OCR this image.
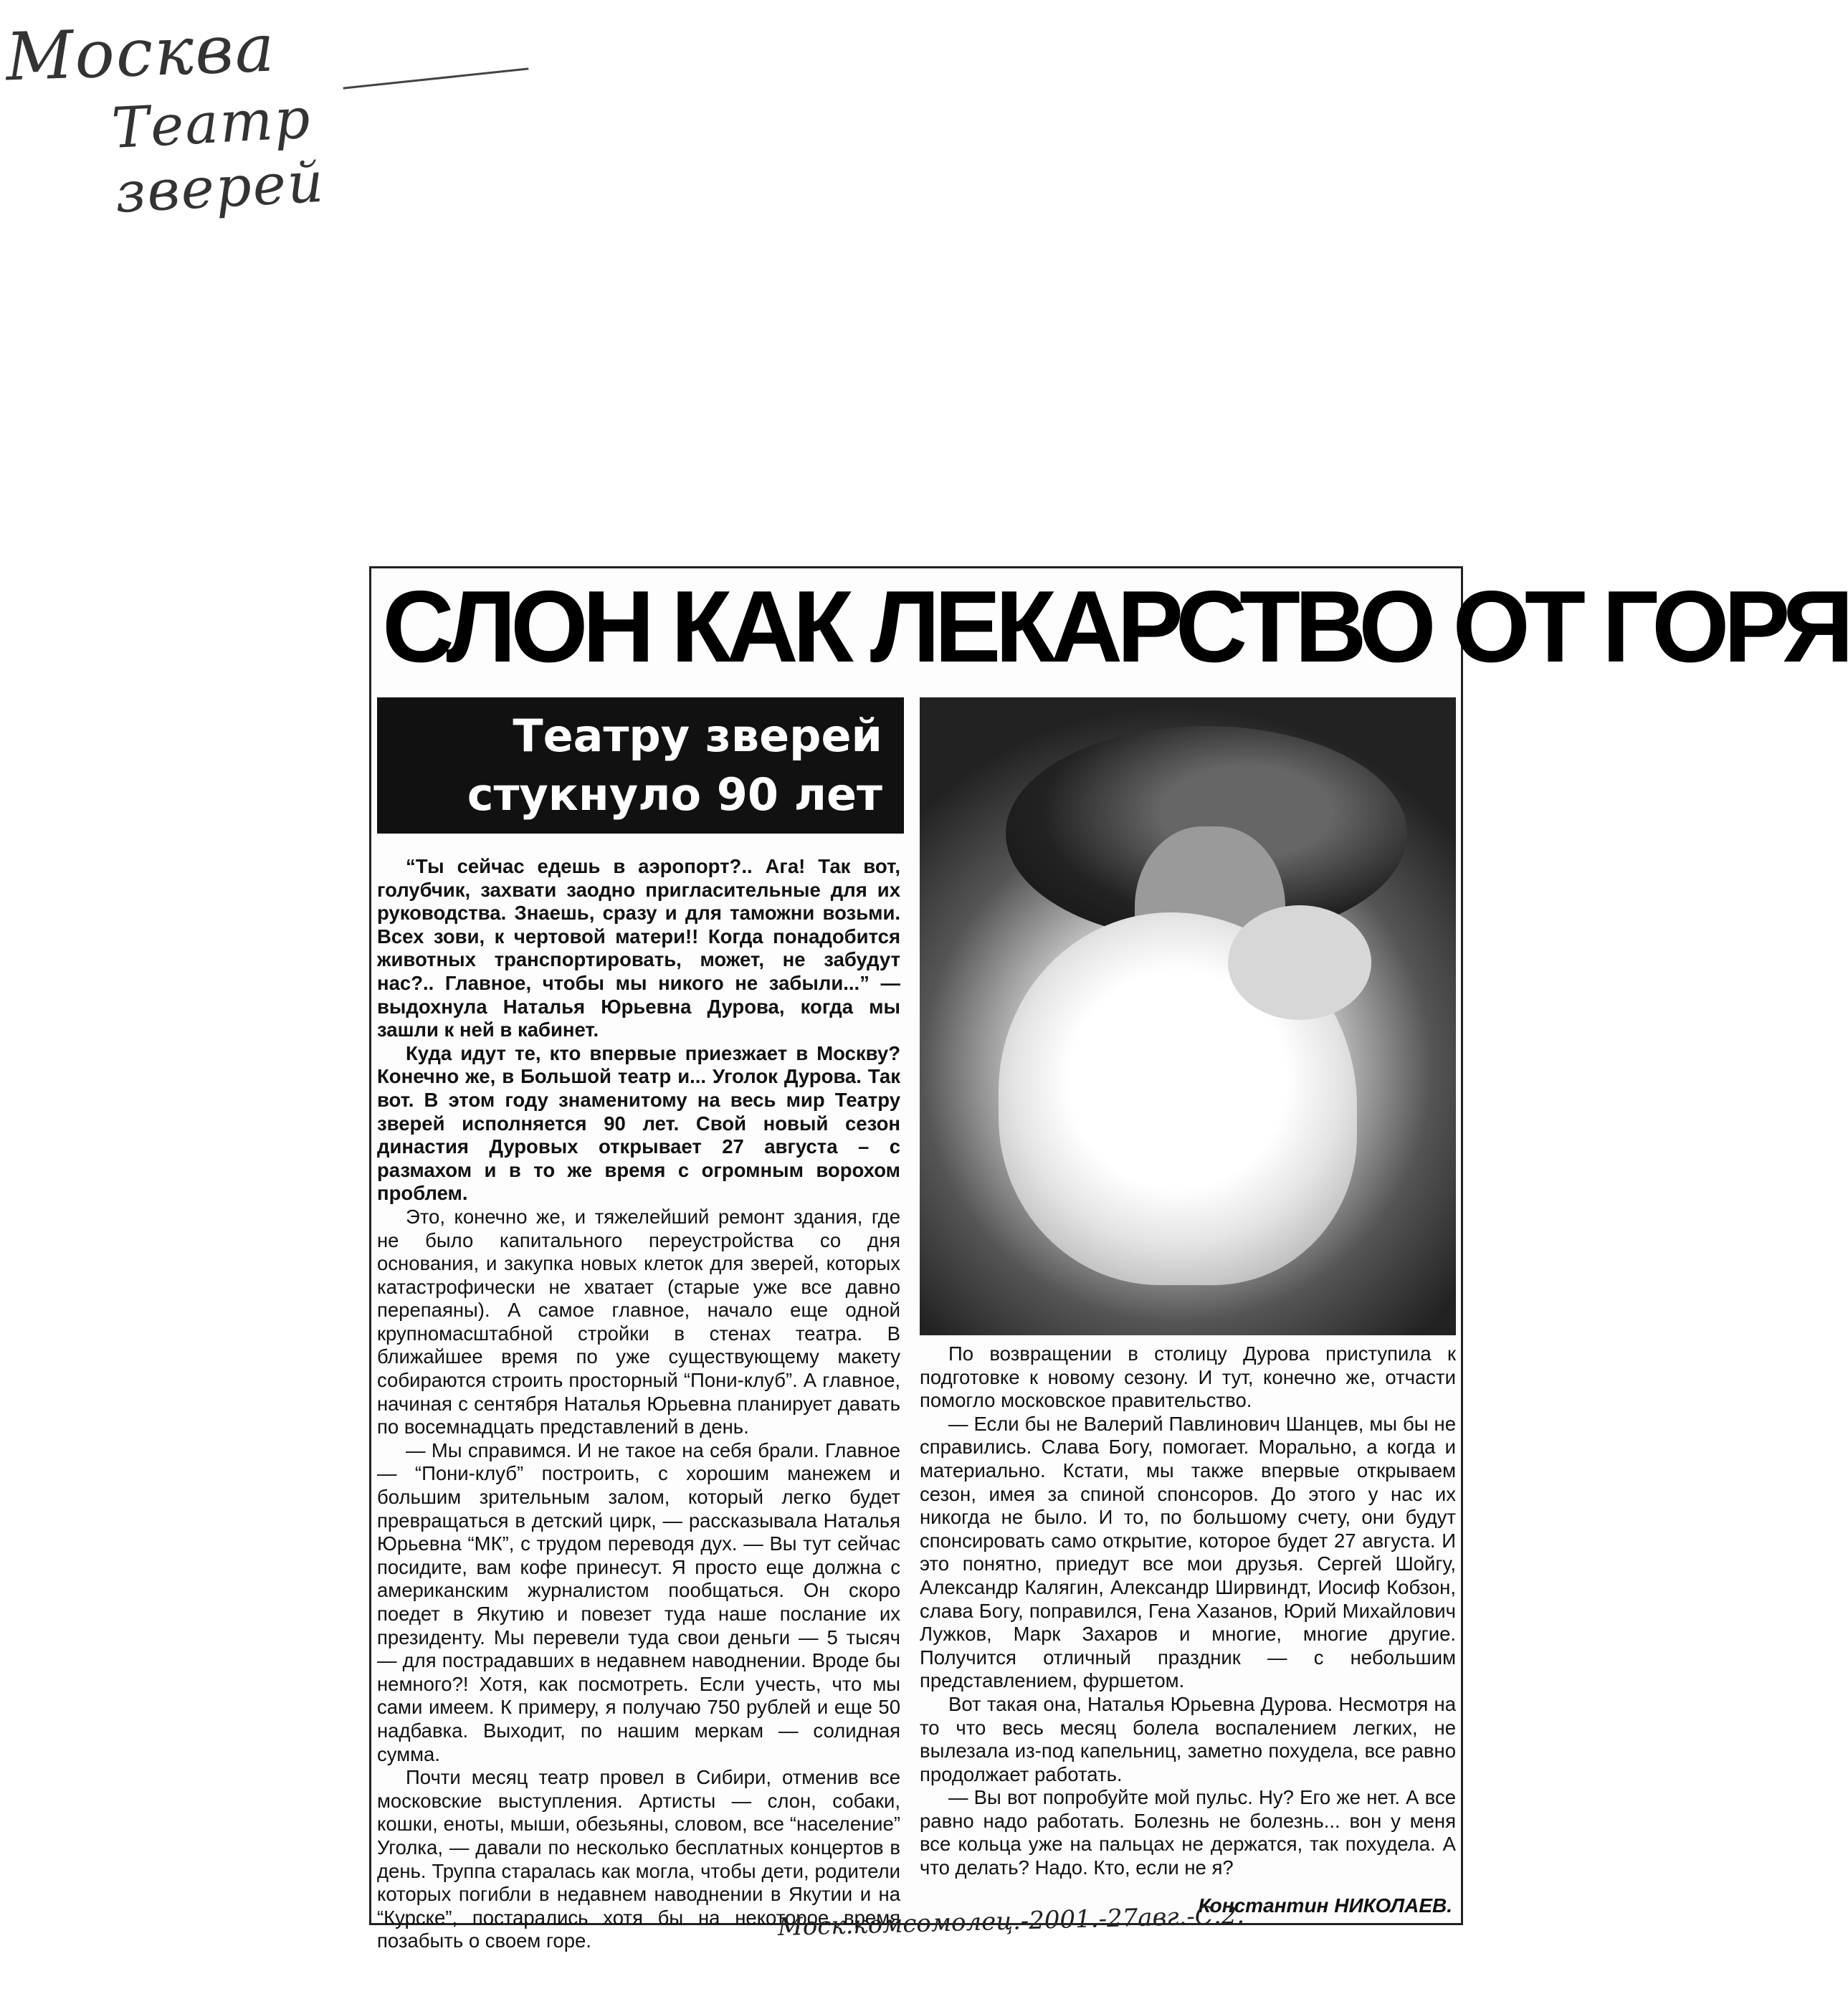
Москва
Театр зверей
СЛОН КАК ЛЕКАРСТВО ОТ ГОРЯ
Театру зверей
стукнуло 90 лет

“Ты сейчас едешь в аэропорт?.. Ага! Так вот, голубчик, захвати заодно пригласительные для их руководства. Знаешь, сразу и для таможни возьми. Всех зови, к чертовой матери!! Когда понадобится животных транспортировать, может, не забудут нас?.. Главное, чтобы мы никого не забыли...” — выдохнула Наталья Юрьевна Дурова, когда мы зашли к ней в кабинет.

Куда идут те, кто впервые приезжает в Москву? Конечно же, в Большой театр и... Уголок Дурова. Так вот. В этом году знаменитому на весь мир Театру зверей исполняется 90 лет. Свой новый сезон династия Дуровых открывает 27 августа – с размахом и в то же время с огромным ворохом проблем.

Это, конечно же, и тяжелейший ремонт здания, где не было капитального переустройства со дня основания, и закупка новых клеток для зверей, которых катастрофически не хватает (старые уже все давно перепаяны). А самое главное, начало еще одной крупномасштабной стройки в стенах театра. В ближайшее время по уже существующему макету собираются строить просторный “Пони-клуб”. А главное, начиная с сентября Наталья Юрьевна планирует давать по восемнадцать представлений в день.

— Мы справимся. И не такое на себя брали. Главное — “Пони-клуб” построить, с хорошим манежем и большим зрительным залом, который легко будет превращаться в детский цирк, — рассказывала Наталья Юрьевна “МК”, с трудом переводя дух. — Вы тут сейчас посидите, вам кофе принесут. Я просто еще должна с американским журналистом пообщаться. Он скоро поедет в Якутию и повезет туда наше послание их президенту. Мы перевели туда свои деньги — 5 тысяч — для пострадавших в недавнем наводнении. Вроде бы немного?! Хотя, как посмотреть. Если учесть, что мы сами имеем. К примеру, я получаю 750 рублей и еще 50 надбавка. Выходит, по нашим меркам — солидная сумма.

Почти месяц театр провел в Сибири, отменив все московские выступления. Артисты — слон, собаки, кошки, еноты, мыши, обезьяны, словом, все “население” Уголка, — давали по несколько бесплатных концертов в день. Труппа старалась как могла, чтобы дети, родители которых погибли в недавнем наводнении в Якутии и на “Курске”, постарались хотя бы на некоторое время позабыть о своем горе.

По возвращении в столицу Дурова приступила к подготовке к новому сезону. И тут, конечно же, отчасти помогло московское правительство.

— Если бы не Валерий Павлинович Шанцев, мы бы не справились. Слава Богу, помогает. Морально, а когда и материально. Кстати, мы также впервые открываем сезон, имея за спиной спонсоров. До этого у нас их никогда не было. И то, по большому счету, они будут спонсировать само открытие, которое будет 27 августа. И это понятно, приедут все мои друзья. Сергей Шойгу, Александр Калягин, Александр Ширвиндт, Иосиф Кобзон, слава Богу, поправился, Гена Хазанов, Юрий Михайлович Лужков, Марк Захаров и многие, многие другие. Получится отличный праздник — с небольшим представлением, фуршетом.

Вот такая она, Наталья Юрьевна Дурова. Несмотря на то что весь месяц болела воспалением легких, не вылезала из-под капельниц, заметно похудела, все равно продолжает работать.

— Вы вот попробуйте мой пульс. Ну? Его же нет. А все равно надо работать. Болезнь не болезнь... вон у меня все кольца уже на пальцах не держатся, так похудела. А что делать? Надо. Кто, если не я?

Константин НИКОЛАЕВ.
Моск.комсомолец.-2001.-27авг.-С.2.
